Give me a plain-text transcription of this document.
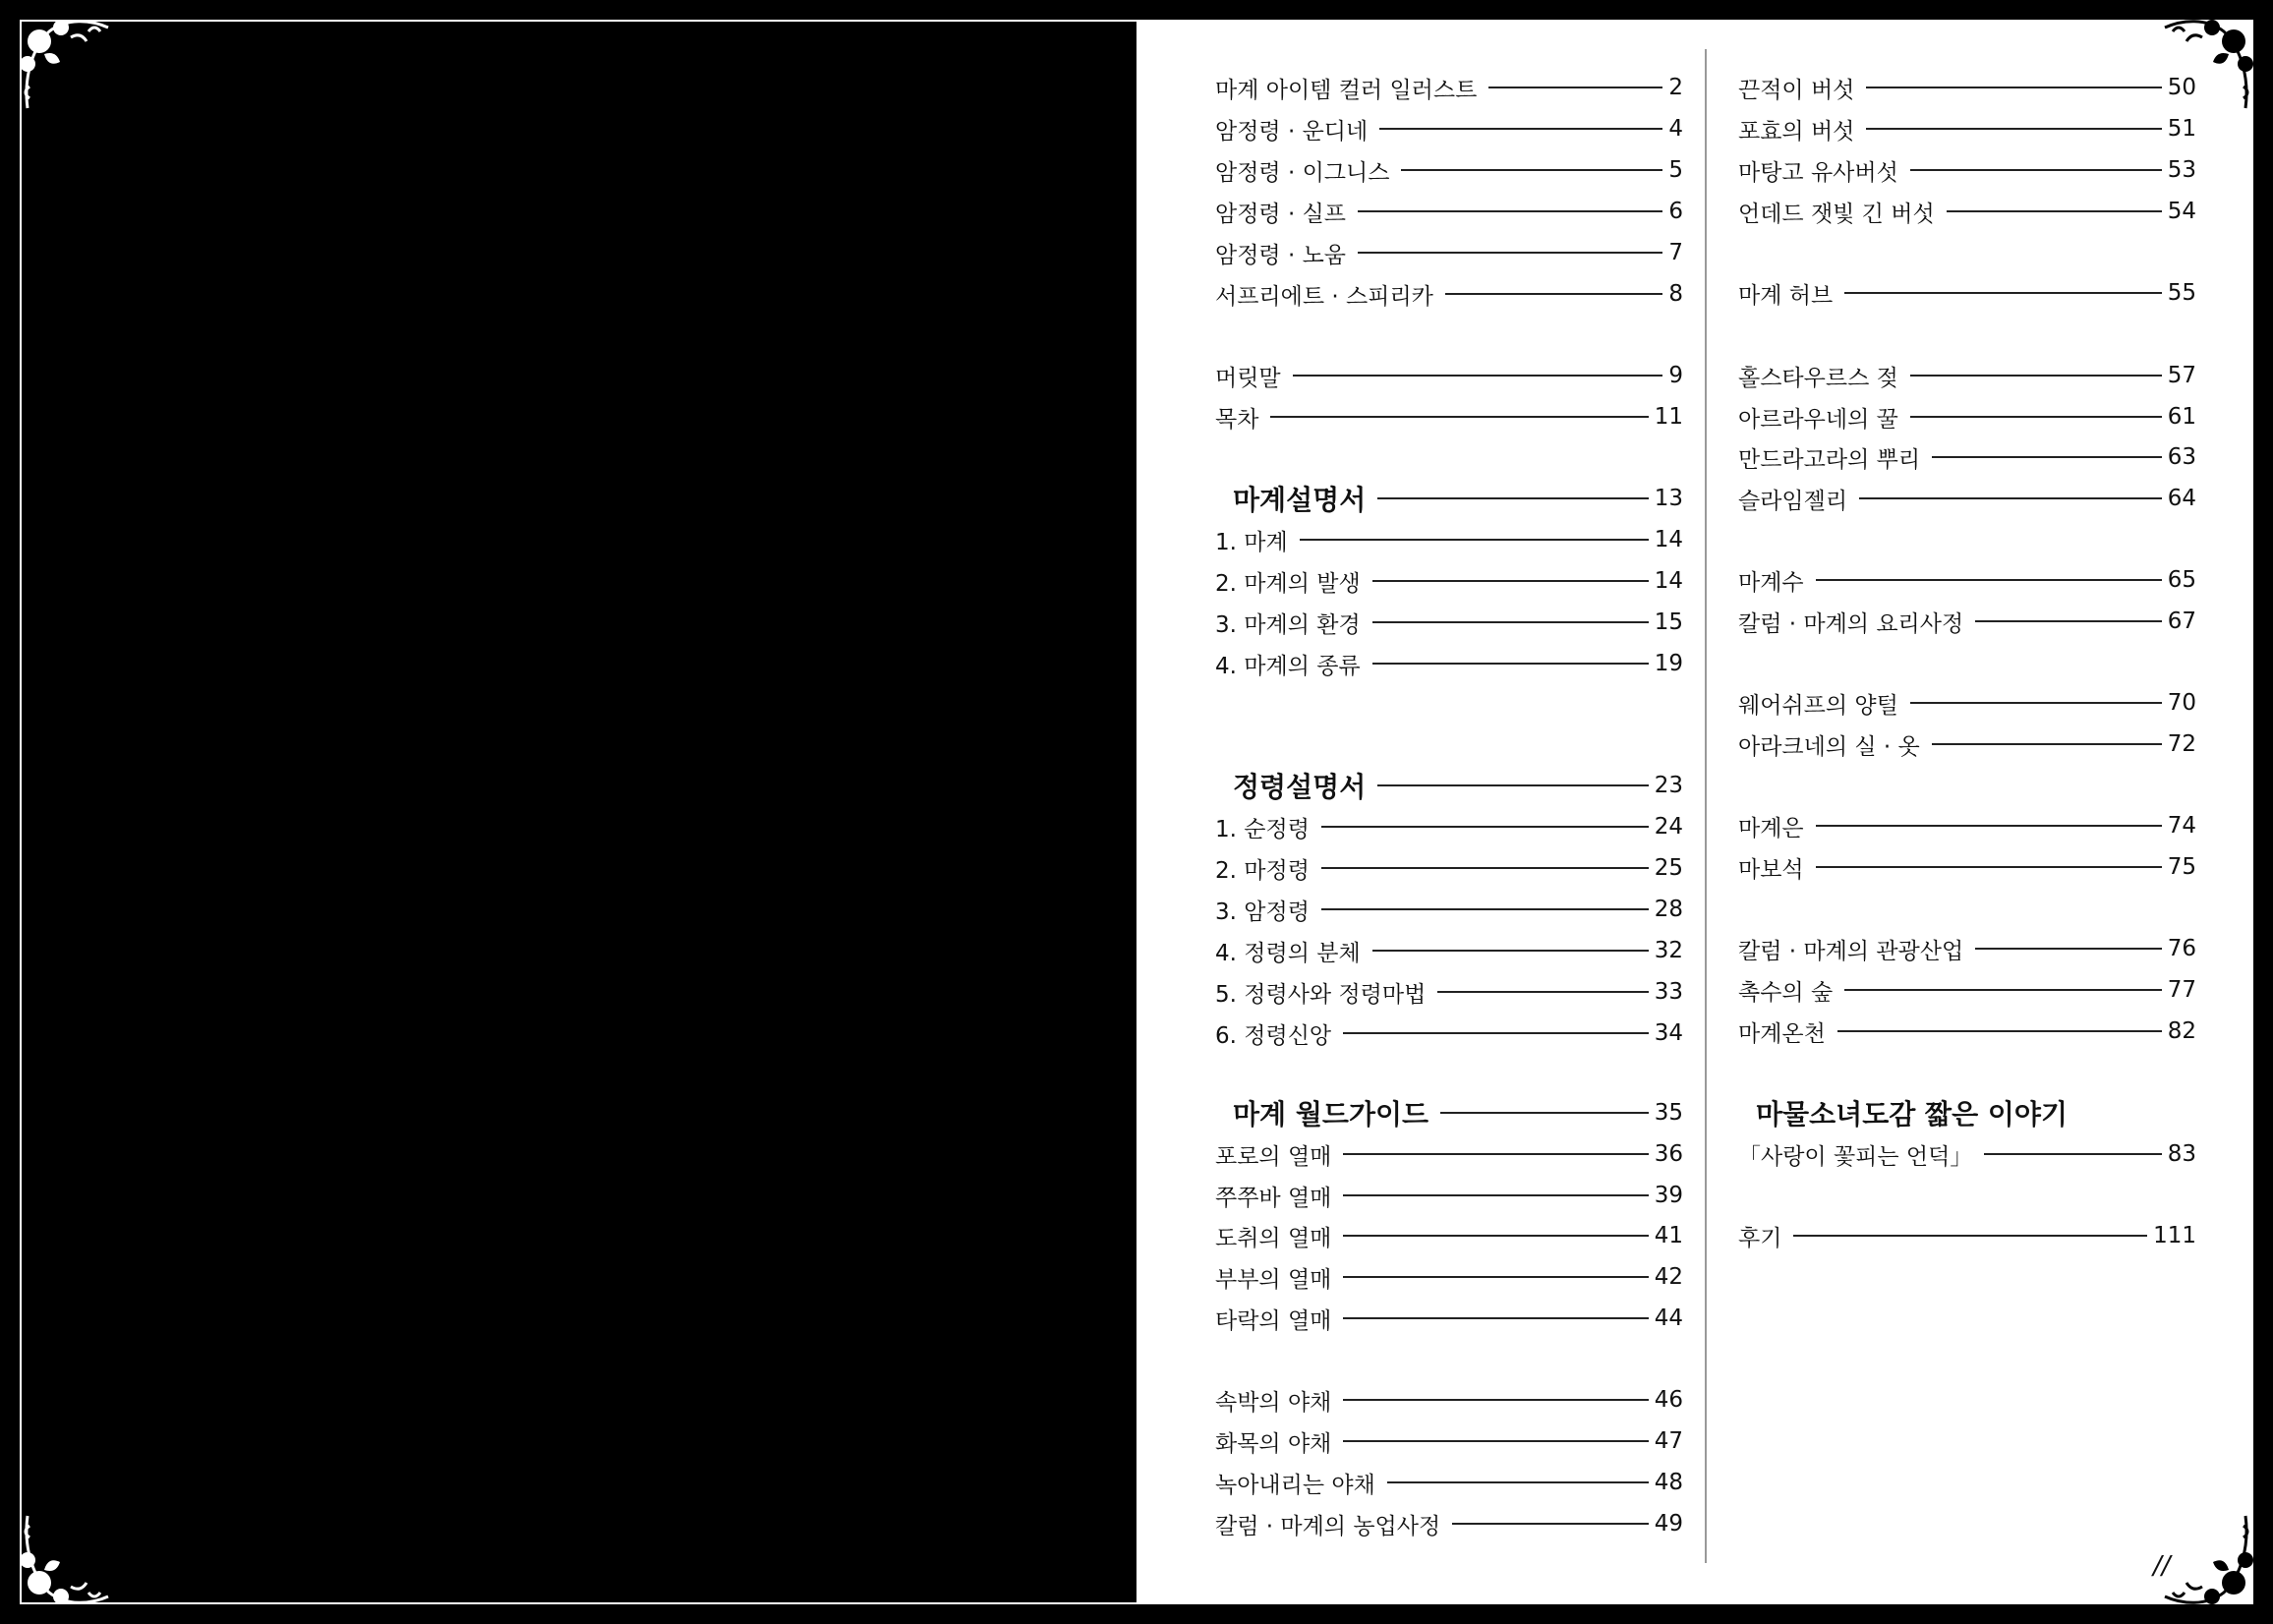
마계 아이템 컬러 일러스트	2
암정령 · 운디네	4
암정령 · 이그니스	5
암정령 · 실프	6
암정령 · 노움	7
서프리에트 · 스피리카	8
머릿말	9
목차	11
마계설명서	13
1. 마계	14
2. 마계의 발생	14
3. 마계의 환경	15
4. 마계의 종류	19
정령설명서	23
1. 순정령	24
2. 마정령	25
3. 암정령	28
4. 정령의 분체	32
5. 정령사와 정령마법	33
6. 정령신앙	34
마계 월드가이드	35
포로의 열매	36
쭈쭈바 열매	39
도취의 열매	41
부부의 열매	42
타락의 열매	44
속박의 야채	46
화목의 야채	47
녹아내리는 야채	48
칼럼 · 마계의 농업사정	49
끈적이 버섯	50
포효의 버섯	51
마탕고 유사버섯	53
언데드 잿빛 긴 버섯	54
마계 허브	55
홀스타우르스 젖	57
아르라우네의 꿀	61
만드라고라의 뿌리	63
슬라임젤리	64
마계수	65
칼럼 · 마계의 요리사정	67
웨어쉬프의 양털	70
아라크네의 실 · 옷	72
마계은	74
마보석	75
칼럼 · 마계의 관광산업	76
촉수의 숲	77
마계온천	82
마물소녀도감 짧은 이야기
「사랑이 꽃피는 언덕」	83
후기	111
//
